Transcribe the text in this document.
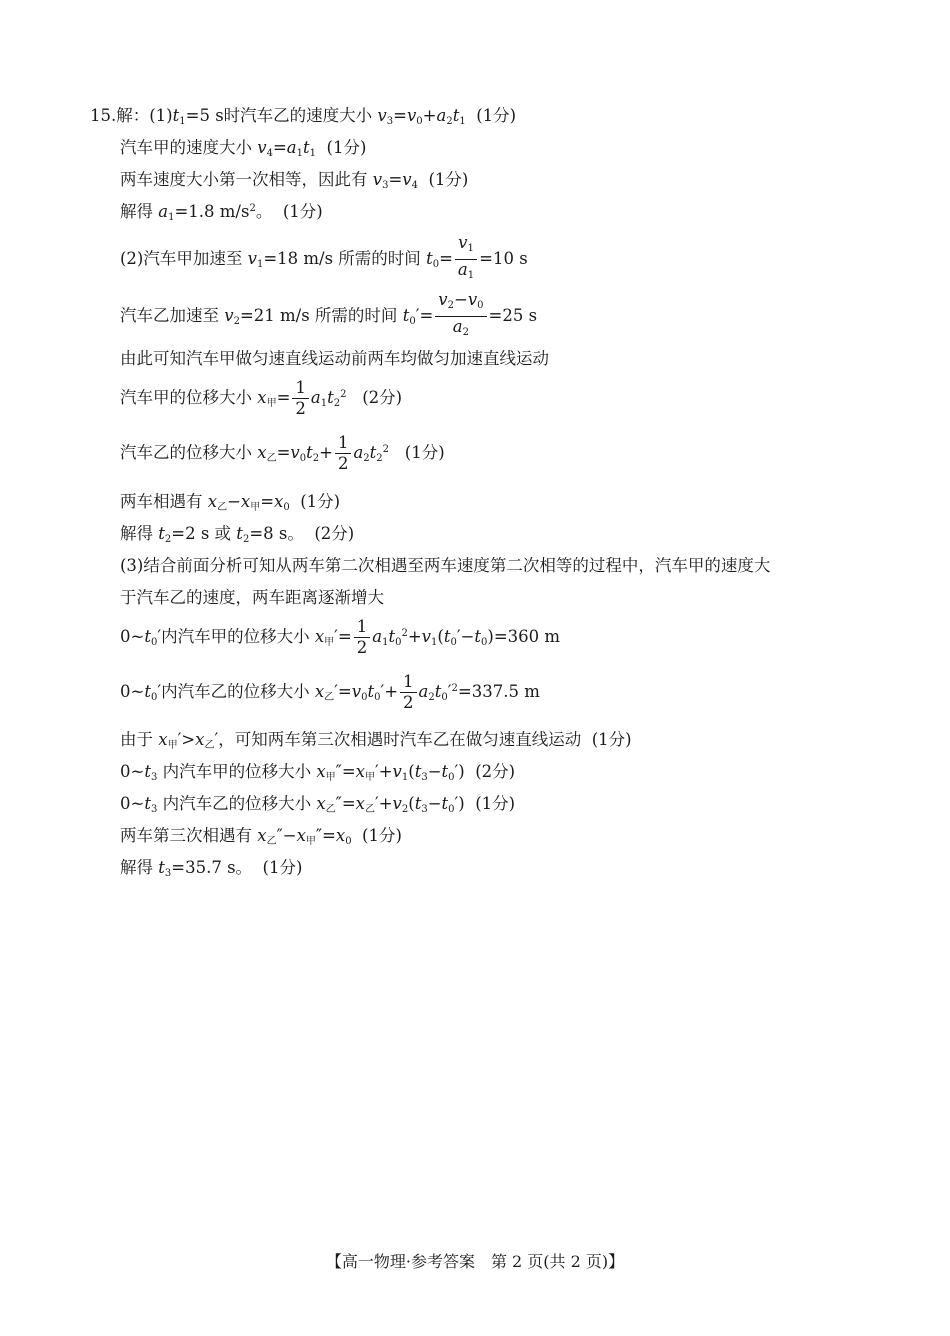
15.解：$(1)t_1=5$ s时汽车乙的速度大小 $v_3=v_0+a_2t_1$  (1分)
汽车甲的速度大小 $v_4=a_1t_1$  (1分)
两车速度大小第一次相等，因此有 $v_3=v_4$  (1分)
解得 $a_1=1.8$ $m/s^2$。  (1分)
(2)汽车甲加速至 $v_1=18$ m/s 所需的时间 $t_0= \frac{v_1}{a_1} =10$ s
汽车乙加速至 $v_2=21$ m/s 所需的时间 $t_0'= \frac{v_2-v_0}{a_2} =25$ s
由此可知汽车甲做匀速直线运动前两车均做匀加速直线运动
汽车甲的位移大小 $x_甲= \frac{1}{2} a_1t_2^2$   (2分)
汽车乙的位移大小 $x_乙=v_0t_2+ \frac{1}{2} a_2t_2^2$   (1分)
两车相遇有 $x_乙-x_甲=x_0$  (1分)
解得 $t_2=2$ s 或 $t_2=8$ s。  (2分)
(3)结合前面分析可知从两车第二次相遇至两车速度第二次相等的过程中，汽车甲的速度大
于汽车乙的速度，两车距离逐渐增大
$0\sim t_0'$内汽车甲的位移大小 $x_甲'= \frac{1}{2} a_1t_0^2+v_1(t_0'-t_0)=360$ m
$0\sim t_0'$内汽车乙的位移大小 $x_乙'=v_0t_0'+ \frac{1}{2} a_2t_0'^2=337.5$ m
由于 $x_甲'>x_乙'$，可知两车第三次相遇时汽车乙在做匀速直线运动  (1分)
$0\sim t_3$ 内汽车甲的位移大小 $x_甲''=x_甲'+v_1(t_3-t_0')$  (2分)
$0\sim t_3$ 内汽车乙的位移大小 $x_乙''=x_乙'+v_2(t_3-t_0')$  (1分)
两车第三次相遇有 $x_乙''-x_甲''=x_0$  (1分)
解得 $t_3=35.7$ s。  (1分)
【高一物理·参考答案　第 2 页(共 2 页)】
